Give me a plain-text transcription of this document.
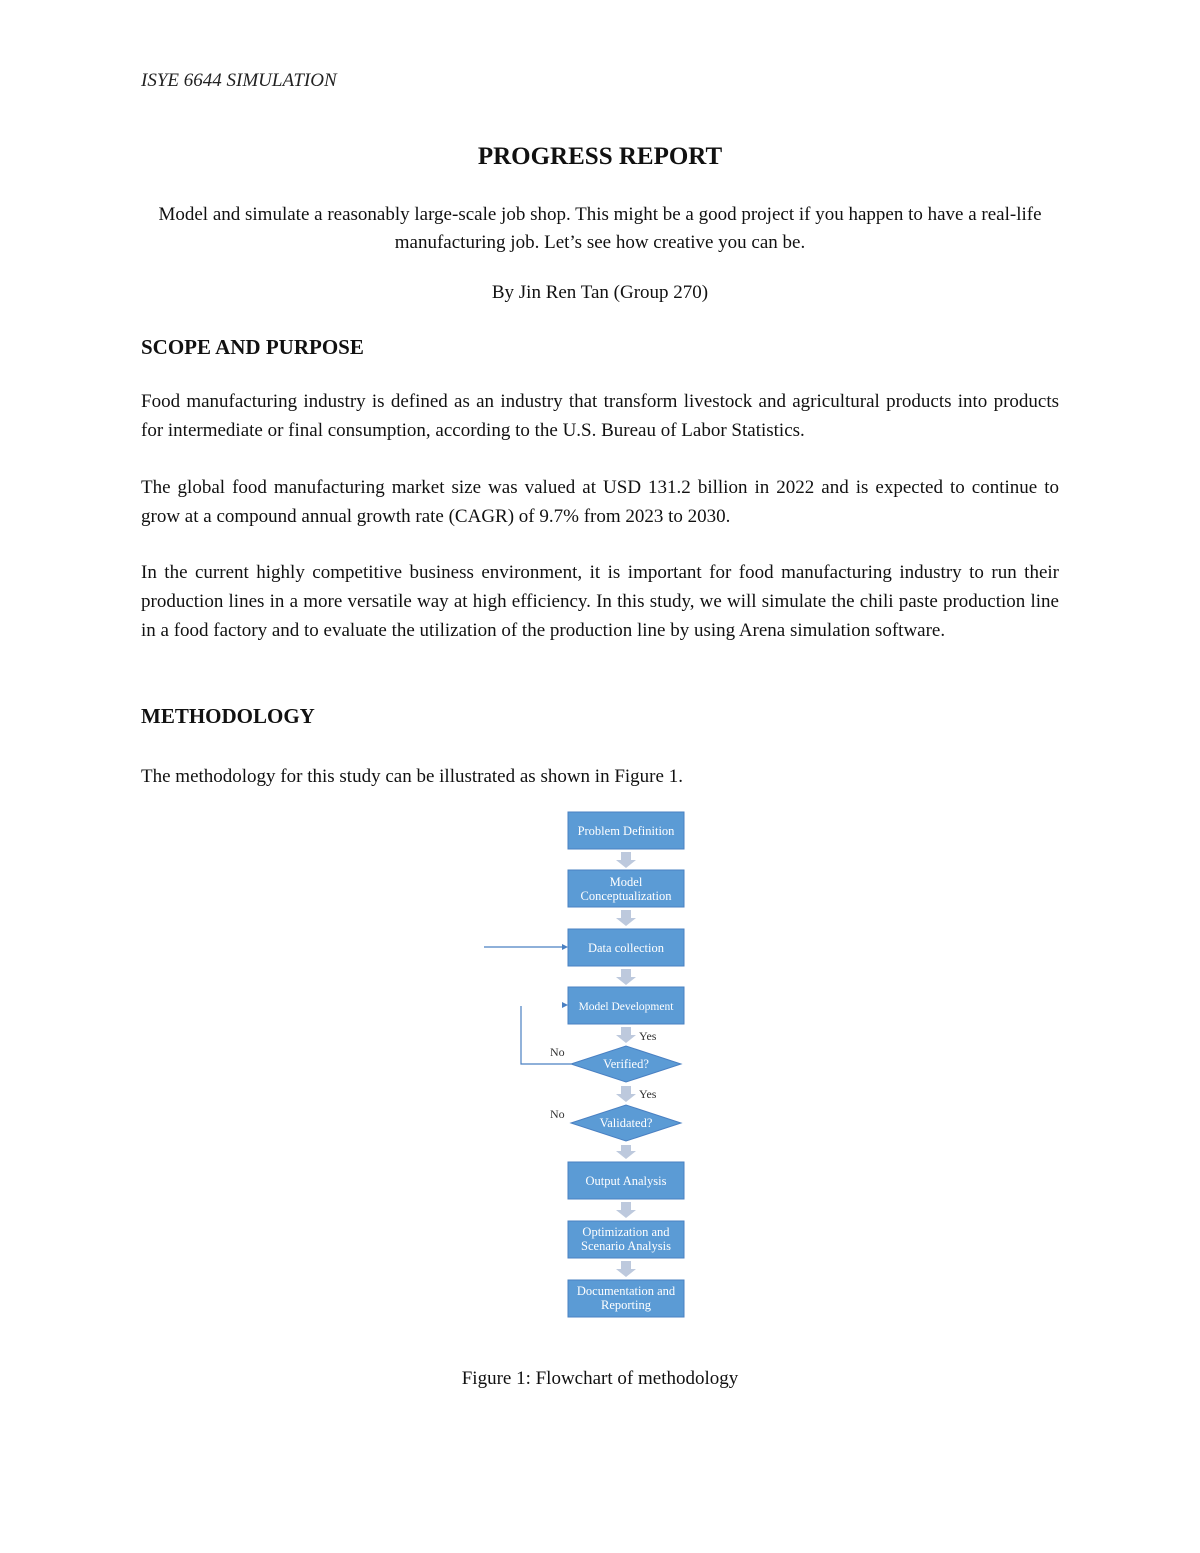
ISYE 6644 SIMULATION
PROGRESS REPORT
Model and simulate a reasonably large-scale job shop. This might be a good project if you happen to have a real-life manufacturing job. Let’s see how creative you can be.
By Jin Ren Tan (Group 270)
SCOPE AND PURPOSE

Food manufacturing industry is defined as an industry that transform livestock and agricultural products into products for intermediate or final consumption, according to the U.S. Bureau of Labor Statistics.

The global food manufacturing market size was valued at USD 131.2 billion in 2022 and is expected to continue to grow at a compound annual growth rate (CAGR) of 9.7% from 2023 to 2030.

In the current highly competitive business environment, it is important for food manufacturing industry to run their production lines in a more versatile way at high efficiency. In this study, we will simulate the chili paste production line in a food factory and to evaluate the utilization of the production line by using Arena simulation software.

METHODOLOGY

The methodology for this study can be illustrated as shown in Figure 1.

Problem Definition
Model
Conceptualization
Data collection
Model Development
Verified?
Validated?
Output Analysis
Optimization and
Scenario Analysis
Documentation and
Reporting
Yes
Yes
No
No
Figure 1: Flowchart of methodology
